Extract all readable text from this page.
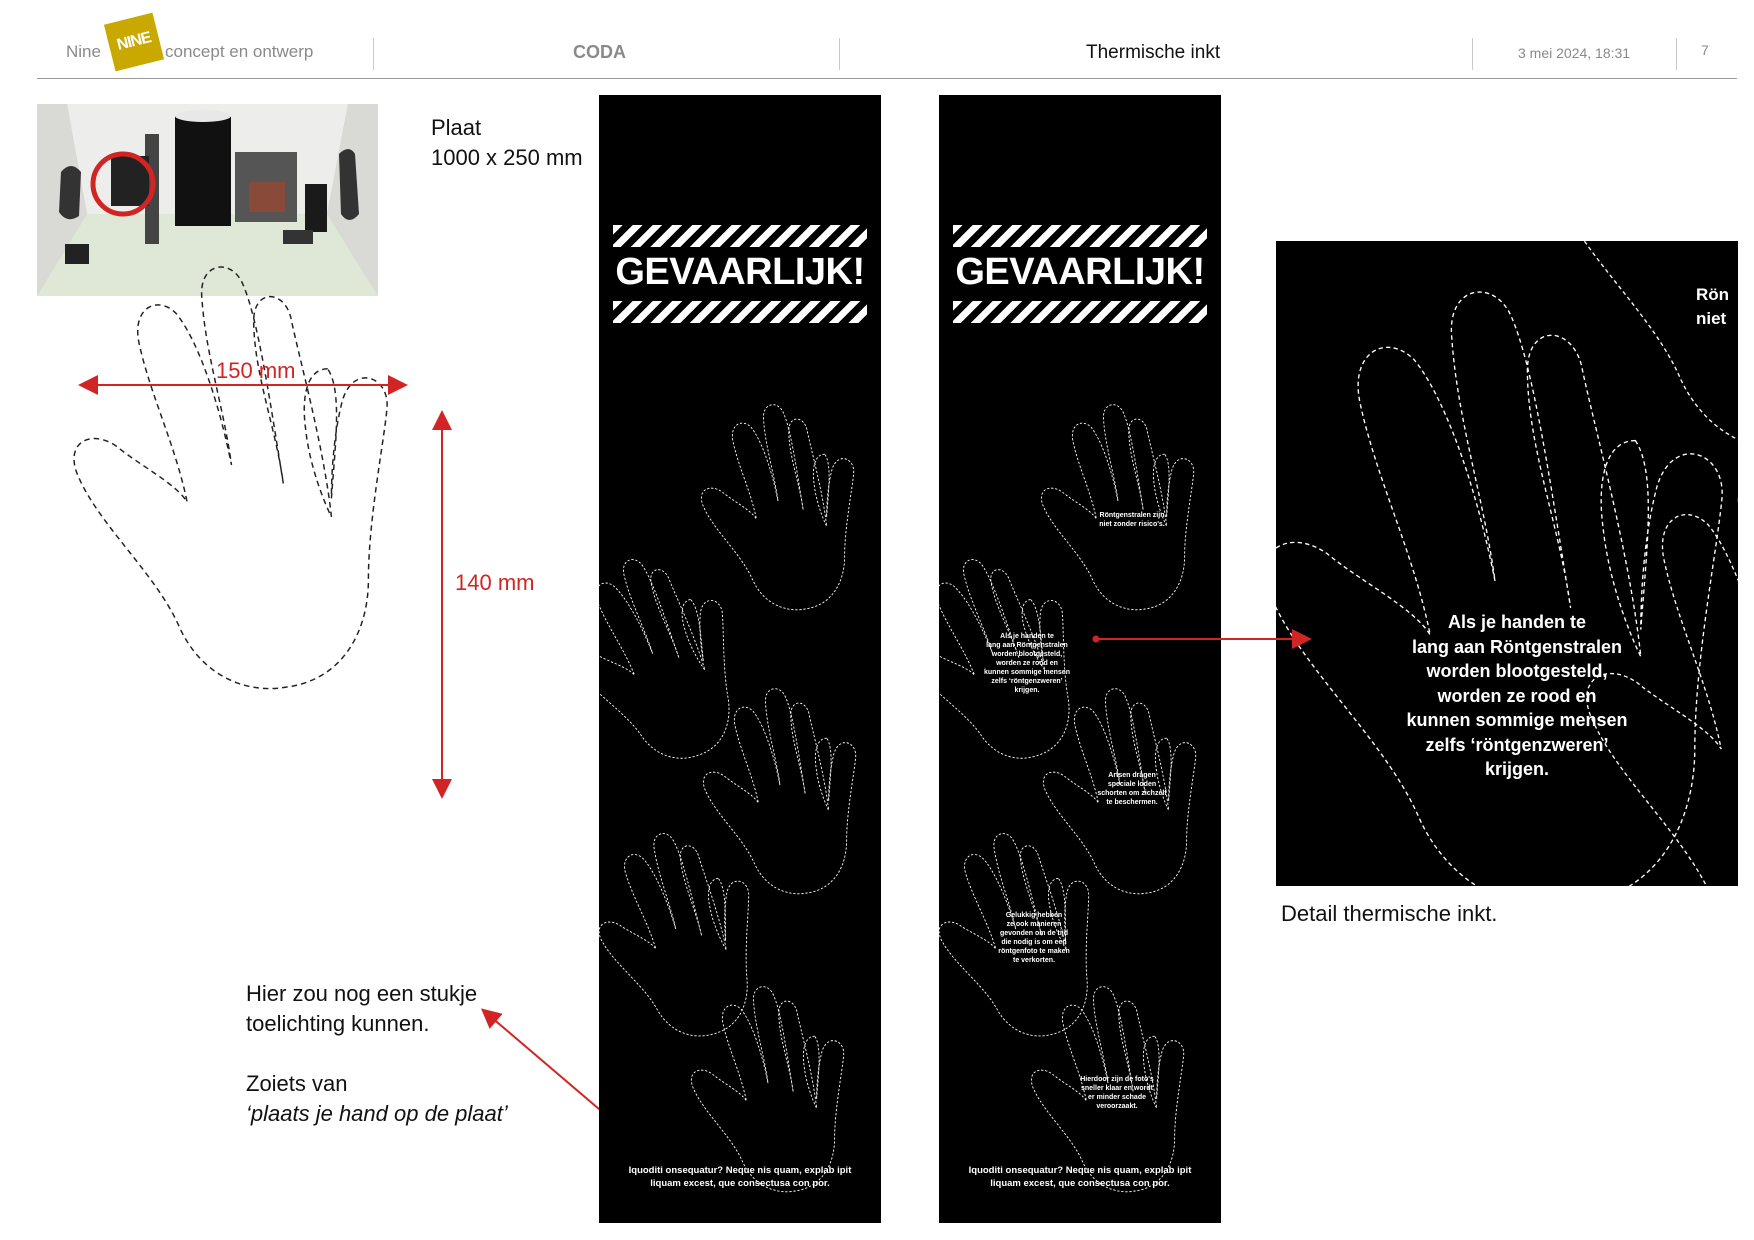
Nine NINE concept en ontwerp	CODA	Thermische inkt	3 mei 2024, 18:31	7
Plaat
1000 x 250 mm
150 mm
140 mm
Hier zou nog een stukje
toelichting kunnen.
Zoiets van
‘plaats je hand op de plaat’
GEVAARLIJK!
Iquoditi onsequatur? Neque nis quam, explab ipit
liquam excest, que consectusa con por.
GEVAARLIJK!
Röntgenstralen zijn
niet zonder risico's.
Als je handen te
lang aan Röntgenstralen
worden blootgesteld,
worden ze rood en
kunnen sommige mensen
zelfs ‘röntgenzweren’
krijgen.
Artsen dragen
speciale loden
schorten om zichzelf
te beschermen.
Gelukkig hebben
ze ook manieren
gevonden om de tijd
die nodig is om een
röntgenfoto te maken
te verkorten.
Hierdoor zijn de foto's
sneller klaar en wordt
er minder schade
veroorzaakt.
Iquoditi onsequatur? Neque nis quam, explab ipit
liquam excest, que consectusa con por.
Rön
niet
Als je handen te
lang aan Röntgenstralen
worden blootgesteld,
worden ze rood en
kunnen sommige mensen
zelfs ‘röntgenzweren’
krijgen.
Detail thermische inkt.
